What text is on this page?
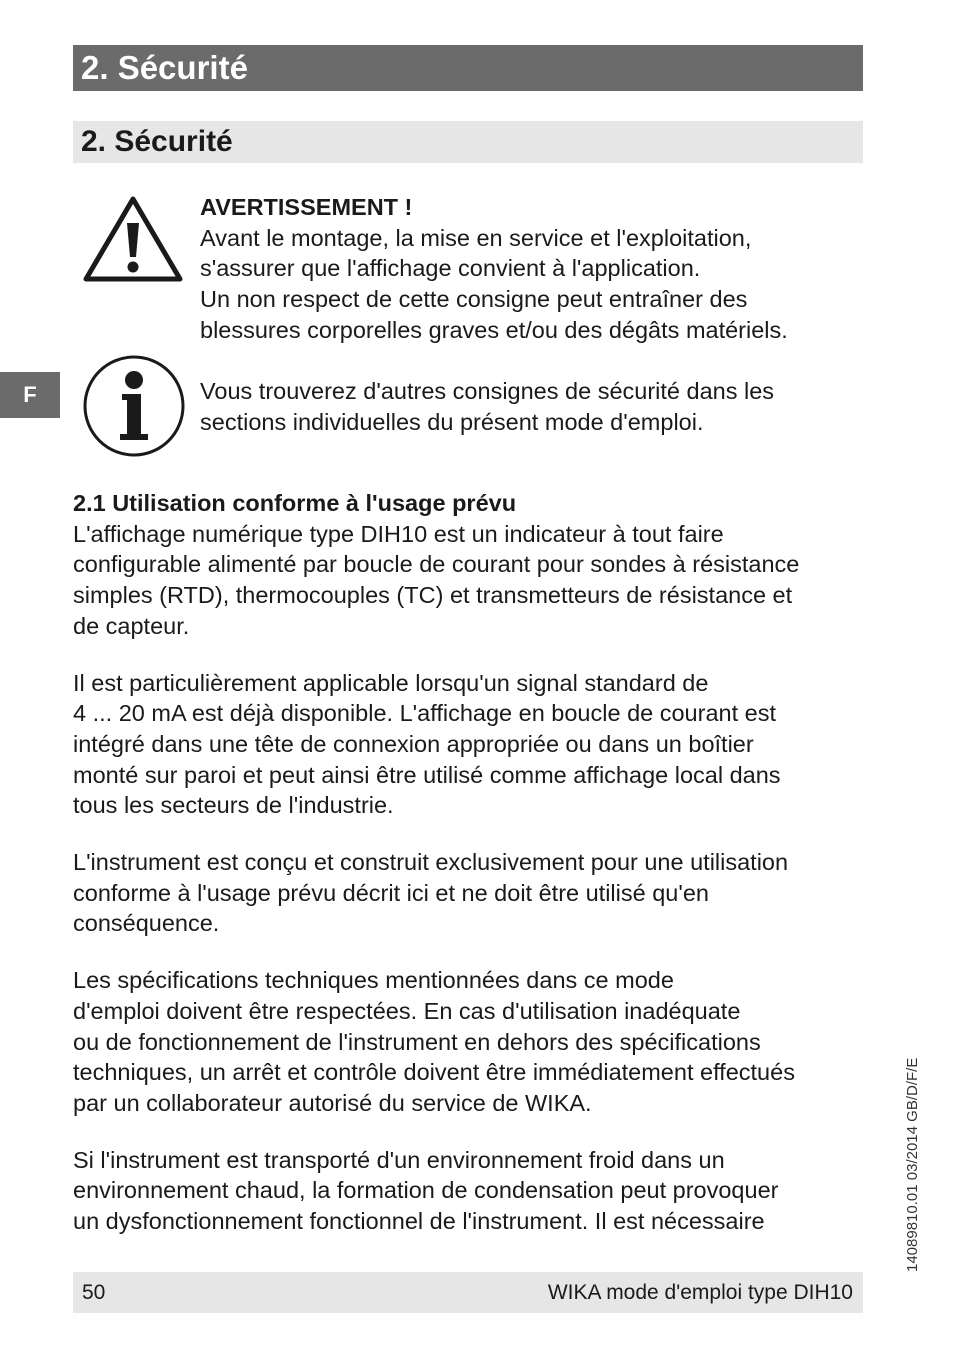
2. Sécurité
2. Sécurité
F
AVERTISSEMENT !
Avant le montage, la mise en service et l'exploitation,
s'assurer que l'affichage convient à l'application.
Un non respect de cette consigne peut entraîner des
blessures corporelles graves et/ou des dégâts matériels.
Vous trouverez d'autres consignes de sécurité dans les
sections individuelles du présent mode d'emploi.
2.1 Utilisation conforme à l'usage prévu
L'affichage numérique type DIH10 est un indicateur à tout faire
configurable alimenté par boucle de courant pour sondes à résistance
simples (RTD), thermocouples (TC) et transmetteurs de résistance et
de capteur.
Il est particulièrement applicable lorsqu'un signal standard de
4 ... 20 mA est déjà disponible. L'affichage en boucle de courant est
intégré dans une tête de connexion appropriée ou dans un boîtier
monté sur paroi et peut ainsi être utilisé comme affichage local dans
tous les secteurs de l'industrie.
L'instrument est conçu et construit exclusivement pour une utilisation
conforme à l'usage prévu décrit ici et ne doit être utilisé qu'en
conséquence.
Les spécifications techniques mentionnées dans ce mode
d'emploi doivent être respectées. En cas d'utilisation inadéquate
ou de fonctionnement de l'instrument en dehors des spécifications
techniques, un arrêt et contrôle doivent être immédiatement effectués
par un collaborateur autorisé du service de WIKA.
Si l'instrument est transporté d'un environnement froid dans un
environnement chaud, la formation de condensation peut provoquer
un dysfonctionnement fonctionnel de l'instrument. Il est nécessaire	14089810.01 03/2014 GB/D/F/E
50	WIKA mode d'emploi type DIH10
